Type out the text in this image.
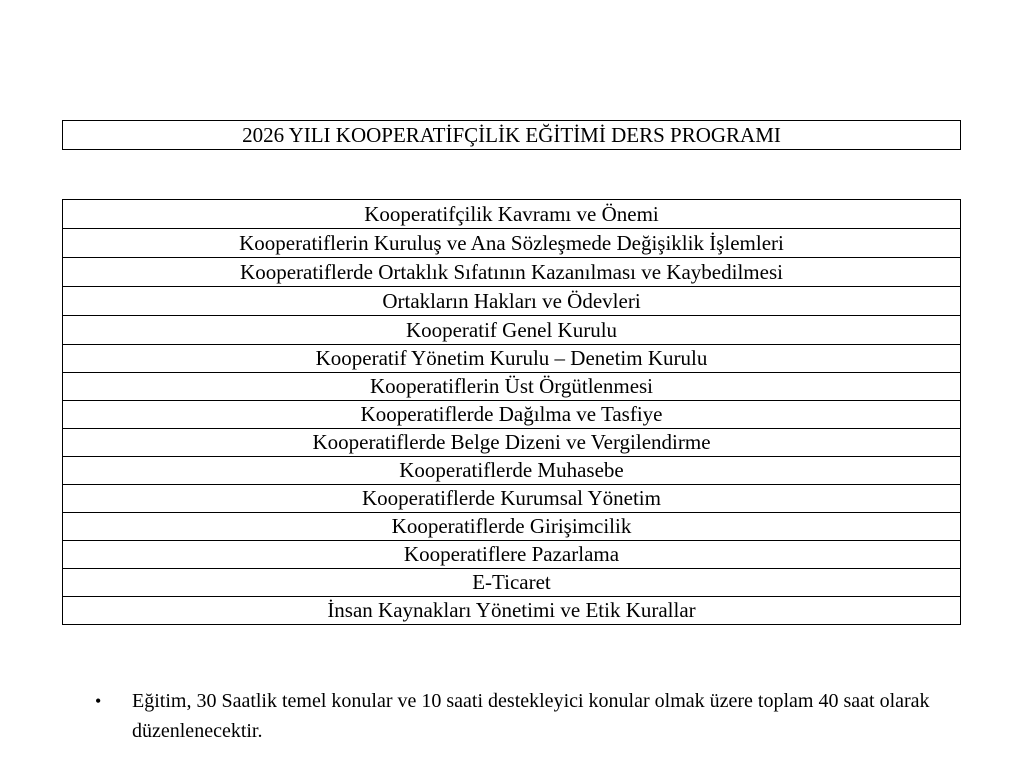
2026 YILI KOOPERATİFÇİLİK EĞİTİMİ DERS PROGRAMI
Kooperatifçilik Kavramı ve Önemi
Kooperatiflerin Kuruluş ve Ana Sözleşmede Değişiklik İşlemleri
Kooperatiflerde Ortaklık Sıfatının Kazanılması ve Kaybedilmesi
Ortakların Hakları ve Ödevleri
Kooperatif Genel Kurulu
Kooperatif Yönetim Kurulu – Denetim Kurulu
Kooperatiflerin Üst Örgütlenmesi
Kooperatiflerde Dağılma ve Tasfiye
Kooperatiflerde Belge Dizeni ve Vergilendirme
Kooperatiflerde Muhasebe
Kooperatiflerde Kurumsal Yönetim
Kooperatiflerde Girişimcilik
Kooperatiflere Pazarlama
E-Ticaret
İnsan Kaynakları Yönetimi ve Etik Kurallar
• Eğitim, 30 Saatlik temel konular ve 10 saati destekleyici konular olmak üzere toplam 40 saat olarak düzenlenecektir.
